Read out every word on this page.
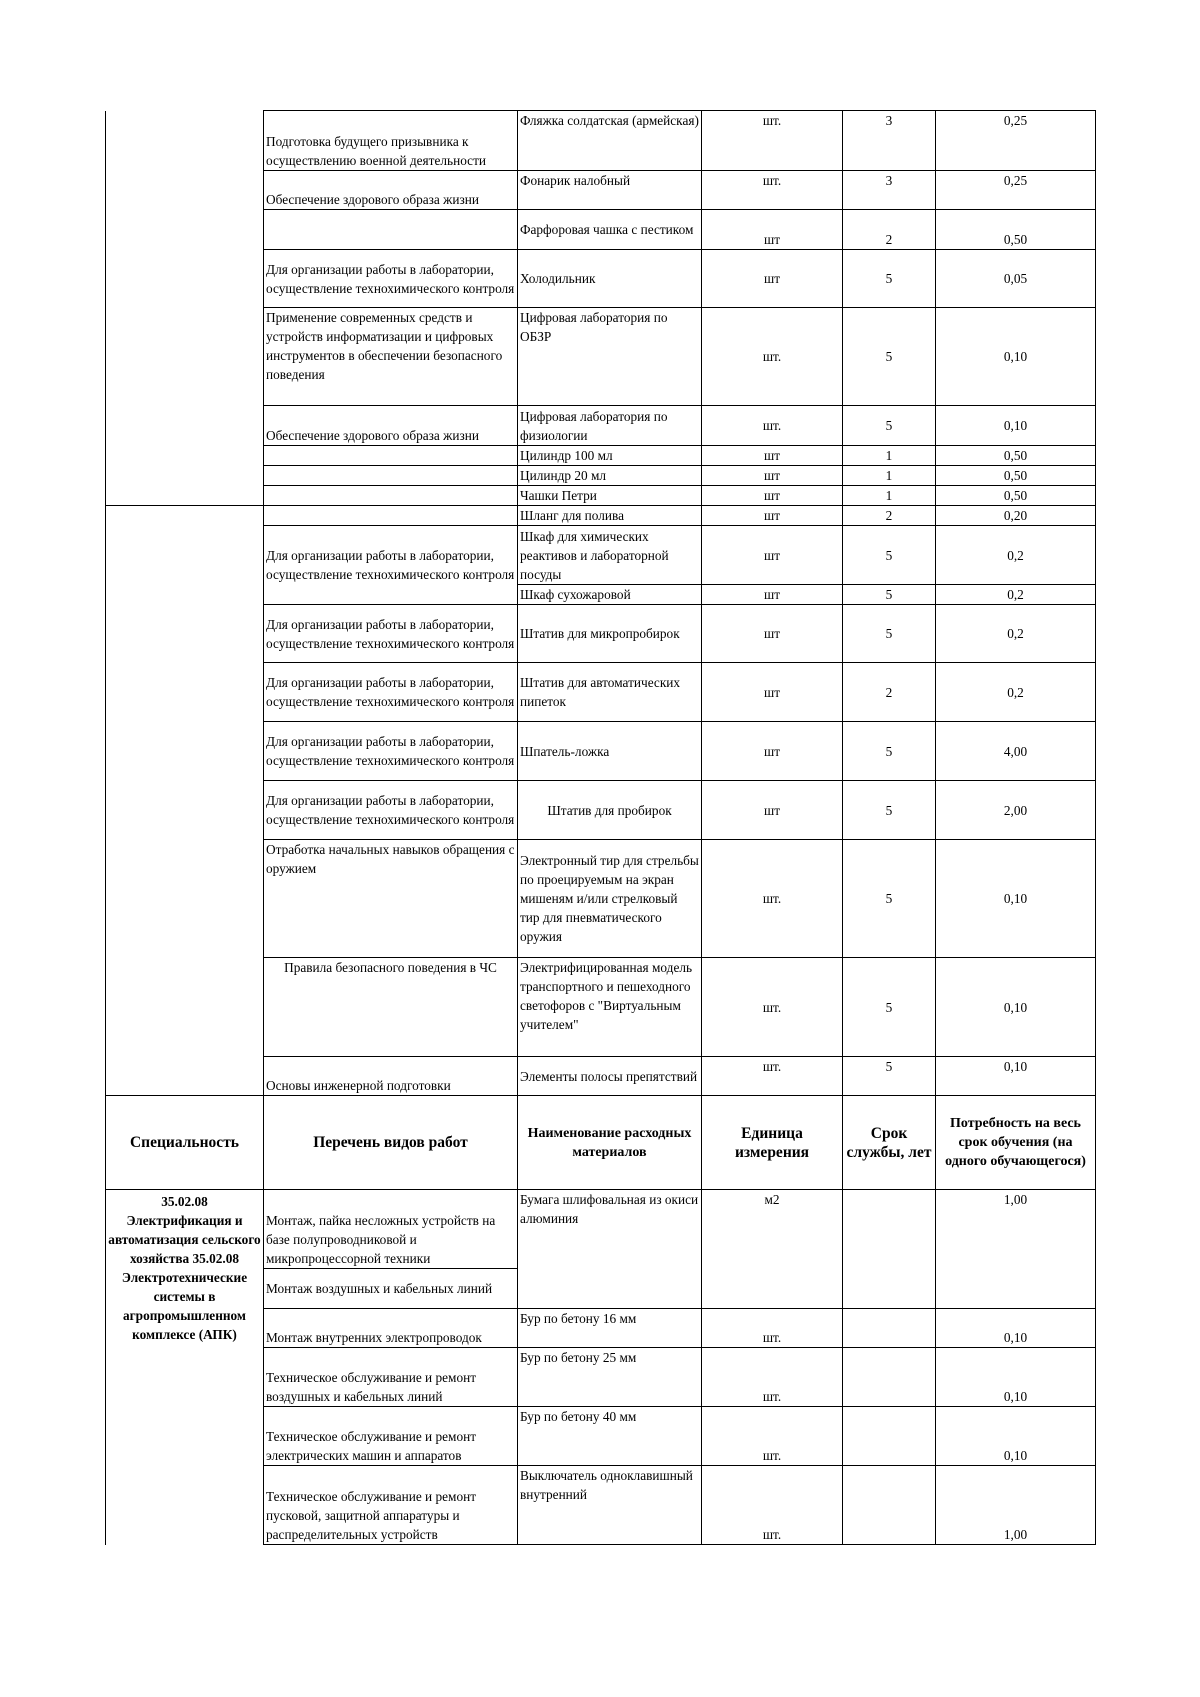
	Подготовка будущего призывника к осуществлению военной деятельности	Фляжка солдатская (армейская)	шт.	3	0,25
	Обеспечение здорового образа жизни	Фонарик налобный	шт.	3	0,25
		Фарфоровая чашка с пестиком	шт	2	0,50
	Для организации работы в лаборатории, осуществление технохимического контроля	Холодильник	шт	5	0,05
	Применение современных средств и устройств информатизации и цифровых инструментов в обеспечении безопасного поведения	Цифровая лаборатория по ОБЗР	шт.	5	0,10
	Обеспечение здорового образа жизни	Цифровая лаборатория по физиологии	шт.	5	0,10
		Цилиндр 100 мл	шт	1	0,50
		Цилиндр 20 мл	шт	1	0,50
		Чашки Петри	шт	1	0,50
		Шланг для полива	шт	2	0,20
	Для организации работы в лаборатории, осуществление технохимического контроля	Шкаф для химических реактивов и лабораторной посуды	шт	5	0,2
		Шкаф сухожаровой	шт	5	0,2
	Для организации работы в лаборатории, осуществление технохимического контроля	Штатив для микропробирок	шт	5	0,2
	Для организации работы в лаборатории, осуществление технохимического контроля	Штатив для автоматических пипеток	шт	2	0,2
	Для организации работы в лаборатории, осуществление технохимического контроля	Шпатель-ложка	шт	5	4,00
	Для организации работы в лаборатории, осуществление технохимического контроля	Штатив для пробирок	шт	5	2,00
	Отработка начальных навыков обращения с оружием	Электронный тир для стрельбы по проецируемым на экран мишеням и/или стрелковый тир для пневматического оружия	шт.	5	0,10
	Правила безопасного поведения в ЧС	Электрифицированная модель транспортного и пешеходного светофоров с "Виртуальным учителем"	шт.	5	0,10
	Основы инженерной подготовки	Элементы полосы препятствий	шт.	5	0,10
Специальность	Перечень видов работ	Наименование расходных материалов	Единица измерения	Срок службы, лет	Потребность на весь срок обучения (на одного обучающегося)
35.02.08 Электрификация и автоматизация сельского хозяйства 35.02.08 Электротехнические системы в агропромышленном комплексе (АПК)	Монтаж, пайка несложных устройств на базе полупроводниковой и микропроцессорной техники	Бумага шлифовальная из окиси алюминия	м2		1,00

	Монтаж воздушных и кабельных линий				
	Монтаж внутренних электропроводок	Бур по бетону 16 мм	шт.		0,10
	Техническое обслуживание и ремонт воздушных и кабельных линий	Бур по бетону 25 мм	шт.		0,10
	Техническое обслуживание и ремонт электрических машин и аппаратов	Бур по бетону 40 мм	шт.		0,10
	Техническое обслуживание и ремонт пусковой, защитной аппаратуры и распределительных устройств	Выключатель одноклавишный внутренний	шт.		1,00
